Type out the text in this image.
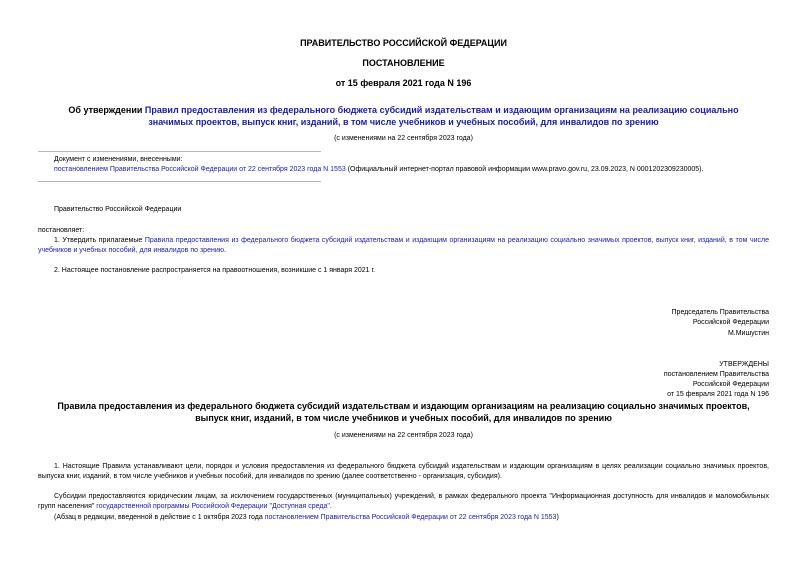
ПРАВИТЕЛЬСТВО РОССИЙСКОЙ ФЕДЕРАЦИИ
ПОСТАНОВЛЕНИЕ
от 15 февраля 2021 года N 196
Об утверждении Правил предоставления из федерального бюджета субсидий издательствам и издающим организациям на реализацию социально значимых проектов, выпуск книг, изданий, в том числе учебников и учебных пособий, для инвалидов по зрению
(с изменениями на 22 сентября 2023 года)
Документ с изменениями, внесенными:
постановлением Правительства Российской Федерации от 22 сентября 2023 года N 1553 (Официальный интернет-портал правовой информации www.pravo.gov.ru, 23.09.2023, N 0001202309230005).
Правительство Российской Федерации
постановляет:
1. Утвердить прилагаемые Правила предоставления из федерального бюджета субсидий издательствам и издающим организациям на реализацию социально значимых проектов, выпуск книг, изданий, в том числе учебников и учебных пособий, для инвалидов по зрению.
2. Настоящее постановление распространяется на правоотношения, возникшие с 1 января 2021 г.
Председатель Правительства
Российской Федерации
М.Мишустин
УТВЕРЖДЕНЫ
постановлением Правительства
Российской Федерации
от 15 февраля 2021 года N 196
Правила предоставления из федерального бюджета субсидий издательствам и издающим организациям на реализацию социально значимых проектов, выпуск книг, изданий, в том числе учебников и учебных пособий, для инвалидов по зрению
(с изменениями на 22 сентября 2023 года)
1. Настоящие Правила устанавливают цели, порядок и условия предоставления из федерального бюджета субсидий издательствам и издающим организациям в целях реализации социально значимых проектов, выпуска книг, изданий, в том числе учебников и учебных пособий, для инвалидов по зрению (далее соответственно - организация, субсидия).
Субсидии предоставляются юридическим лицам, за исключением государственных (муниципальных) учреждений, в рамках федерального проекта "Информационная доступность для инвалидов и маломобильных групп населения" государственной программы Российской Федерации "Доступная среда".
(Абзац в редакции, введенной в действие с 1 октября 2023 года постановлением Правительства Российской Федерации от 22 сентября 2023 года N 1553)
